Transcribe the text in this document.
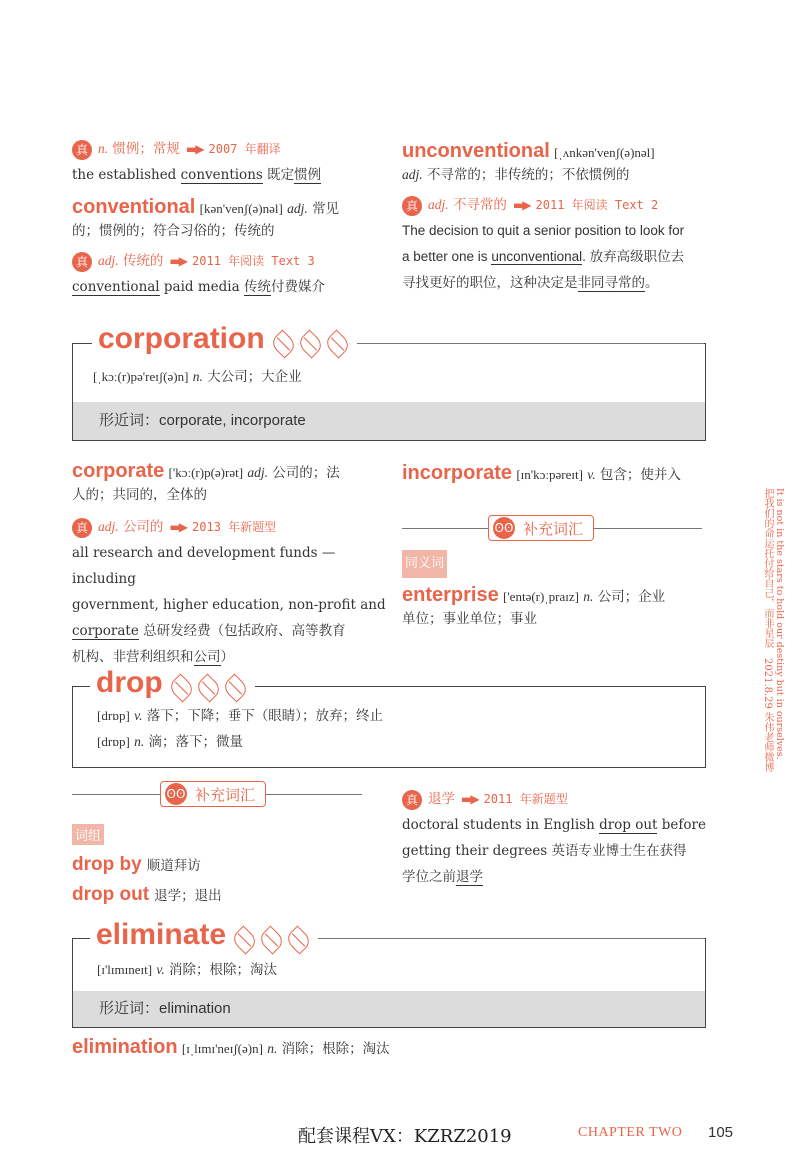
真 n. 惯例；常规 ▬▶ 2007 年翻译
the established conventions 既定惯例
conventional [kən'venʃ(ə)nəl] adj. 常见
的；惯例的；符合习俗的；传统的
真 adj. 传统的 ▬▶ 2011 年阅读 Text 3
conventional paid media 传统付费媒介
unconventional [ˌʌnkən'venʃ(ə)nəl]
adj. 不寻常的；非传统的；不依惯例的
真 adj. 不寻常的 ▬▶ 2011 年阅读 Text 2
The decision to quit a senior position to look for
a better one is unconventional. 放弃高级职位去
寻找更好的职位，这种决定是非同寻常的。
[ˌkɔː(r)pə'reɪʃ(ə)n] n. 大公司；大企业
形近词：corporate, incorporate
corporation
corporate ['kɔː(r)p(ə)rət] adj. 公司的；法
人的；共同的，全体的
真 adj. 公司的 ▬▶ 2013 年新题型
all research and development funds — including
government, higher education, non-profit and
corporate 总研发经费（包括政府、高等教育
机构、非营利组织和公司）
incorporate [ɪn'kɔːpəreɪt] v. 包含；使并入
ʘʘ 补充词汇
同义词
enterprise ['entə(r)ˌpraɪz] n. 公司；企业
单位；事业单位；事业
[drɒp] v. 落下；下降；垂下（眼睛）；放弃；终止
[drɒp] n. 滴；落下；微量
drop
ʘʘ 补充词汇
词组
drop by 顺道拜访
drop out 退学；退出
真 退学 ▬▶ 2011 年新题型
doctoral students in English drop out before
getting their degrees 英语专业博士生在获得
学位之前退学
[ɪ'lɪmɪneɪt] v. 消除；根除；淘汰
形近词：elimination
eliminate
elimination [ɪˌlɪmɪ'neɪʃ(ə)n] n. 消除；根除；淘汰
把我们的命运托付给自己，而非星辰　2021.8.29 朱伟老师微博 It is not in the stars to hold our destiny but in ourselves.
配套课程VX：KZRZ2019	CHAPTER TWO 105
